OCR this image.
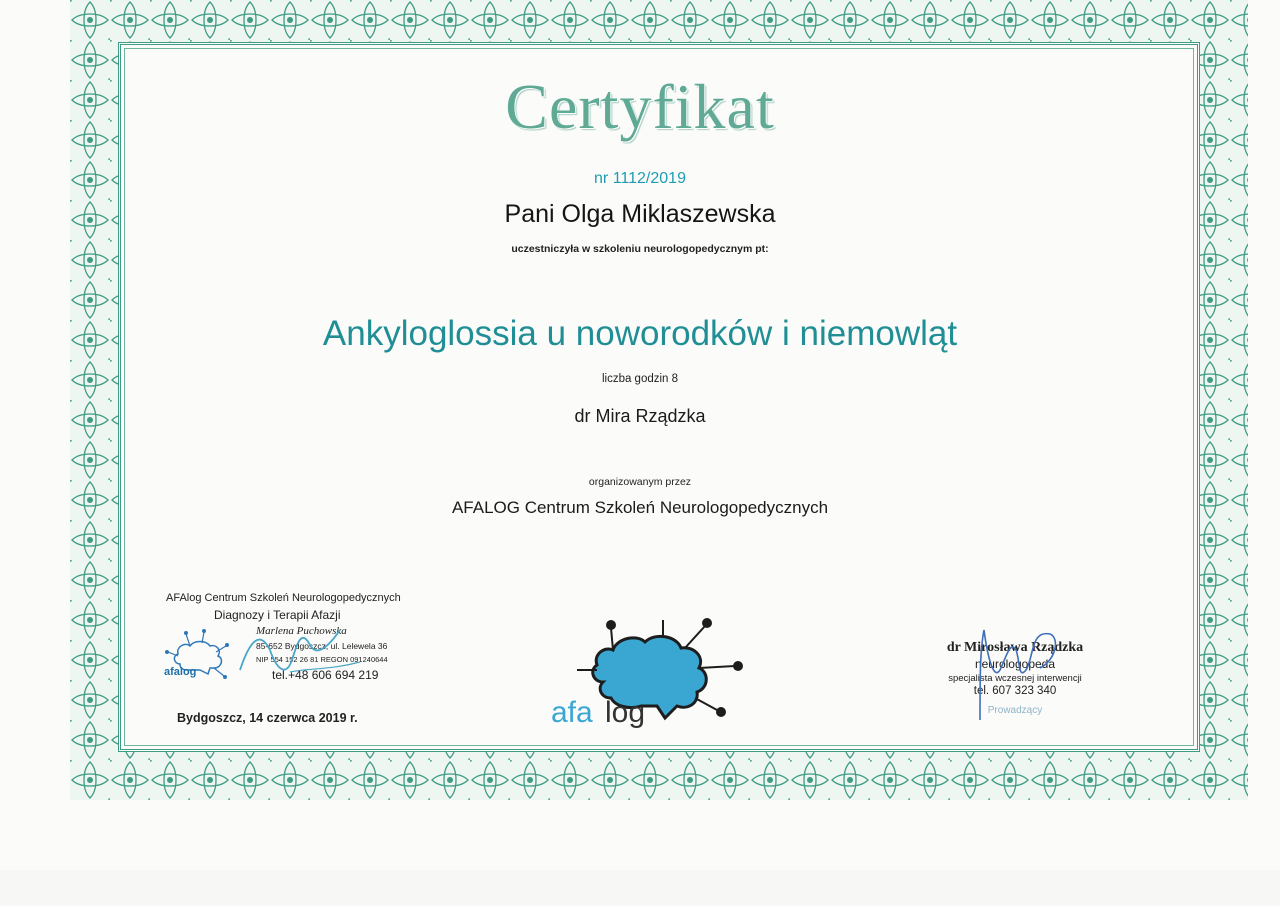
Certyfikat
nr 1112/2019
Pani Olga Miklaszewska
uczestniczyła w szkoleniu neurologopedycznym pt:
Ankyloglossia u noworodków i niemowląt
liczba godzin 8
dr Mira Rządzka
organizowanym przez
AFALOG Centrum Szkoleń Neurologopedycznych
afalog
AFAlog Centrum Szkoleń Neurologopedycznych
Diagnozy i Terapii Afazji
Marlena Puchowska
85-652 Bydgoszcz, ul. Lelewela 36
NIP 554 152 26 81 REGON 091240644
tel.+48 606 694 219
Bydgoszcz, 14 czerwca 2019 r.	afa log
dr Mirosława Rządzka
neurologopeda
specjalista wczesnej interwencji
tel. 607 323 340
Prowadzący
